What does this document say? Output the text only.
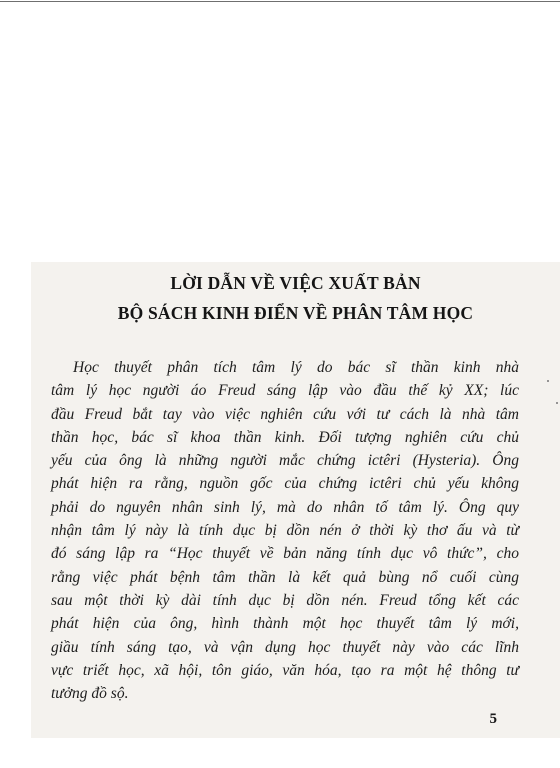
LỜI DẪN VỀ VIỆC XUẤT BẢN
BỘ SÁCH KINH ĐIỂN VỀ PHÂN TÂM HỌC
Học thuyết phân tích tâm lý do bác sĩ thần kinh nhà
tâm lý học người áo Freud sáng lập vào đầu thế kỷ XX; lúc
đầu Freud bắt tay vào việc nghiên cứu với tư cách là nhà tâm
thần học, bác sĩ khoa thần kinh. Đối tượng nghiên cứu chủ
yếu của ông là những người mắc chứng ictêri (Hysteria). Ông
phát hiện ra rằng, nguồn gốc của chứng ictêri chủ yếu không
phải do nguyên nhân sinh lý, mà do nhân tố tâm lý. Ông quy
nhận tâm lý này là tính dục bị dồn nén ở thời kỳ thơ ấu và từ
đó sáng lập ra “Học thuyết về bản năng tính dục vô thức”, cho
rằng việc phát bệnh tâm thần là kết quả bùng nổ cuối cùng
sau một thời kỳ dài tính dục bị dồn nén. Freud tổng kết các
phát hiện của ông, hình thành một học thuyết tâm lý mới,
giầu tính sáng tạo, và vận dụng học thuyết này vào các lĩnh
vực triết học, xã hội, tôn giáo, văn hóa, tạo ra một hệ thông tư
tưởng đồ sộ.
5
